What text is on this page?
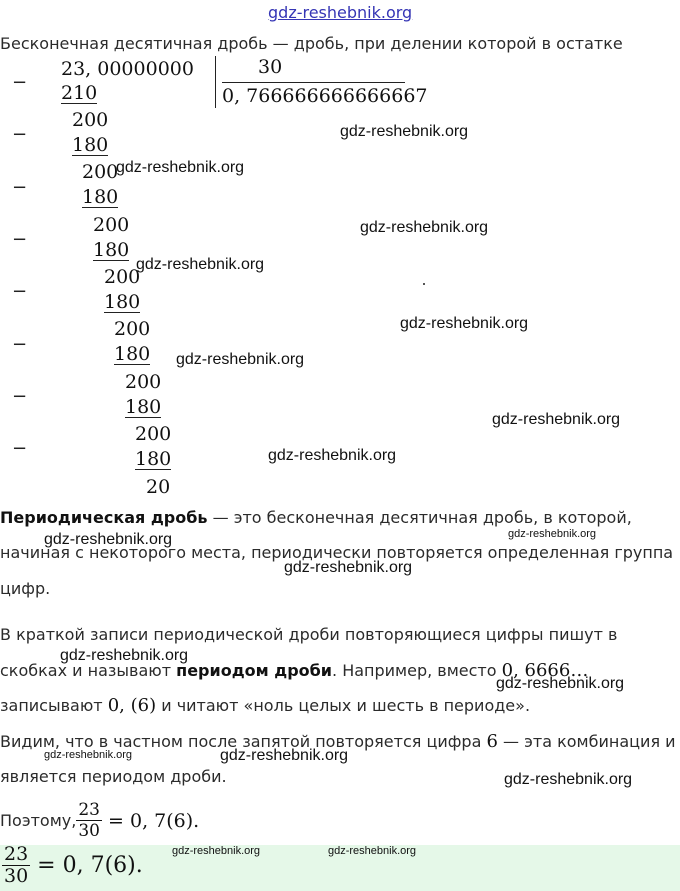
gdz-reshebnik.org
Бесконечная десятичная дробь — дробь, при делении которой в остатке
23, 00000000	30
0, 766666666666667
−
−
−
−
−
−
−
−
210
200
180
200
180
200
180
200
180
200
180
200
180
200
180
20
Периодическая дробь — это бесконечная десятичная дробь, в которой,
начиная с некоторого места, периодически повторяется определенная группа
цифр.
В краткой записи периодической дроби повторяющиеся цифры пишут в
скобках и называют периодом дроби. Например, вместо 0, 6666…
записывают 0, (6) и читают «ноль целых и шесть в периоде».
Видим, что в частном после запятой повторяется цифра 6 — эта комбинация и
является периодом дроби.
Поэтому, $\frac{23}{30} = 0$, 7(6).
$\frac{23}{30} = 0$, 7(6).
gdz-reshebnik.org
gdz-reshebnik.org
gdz-reshebnik.org
gdz-reshebnik.org
gdz-reshebnik.org
gdz-reshebnik.org
gdz-reshebnik.org
gdz-reshebnik.org
gdz-reshebnik.org	gdz-reshebnik.org
gdz-reshebnik.org
gdz-reshebnik.org
gdz-reshebnik.org
gdz-reshebnik.org	gdz-reshebnik.org
gdz-reshebnik.org
gdz-reshebnik.org	gdz-reshebnik.org
